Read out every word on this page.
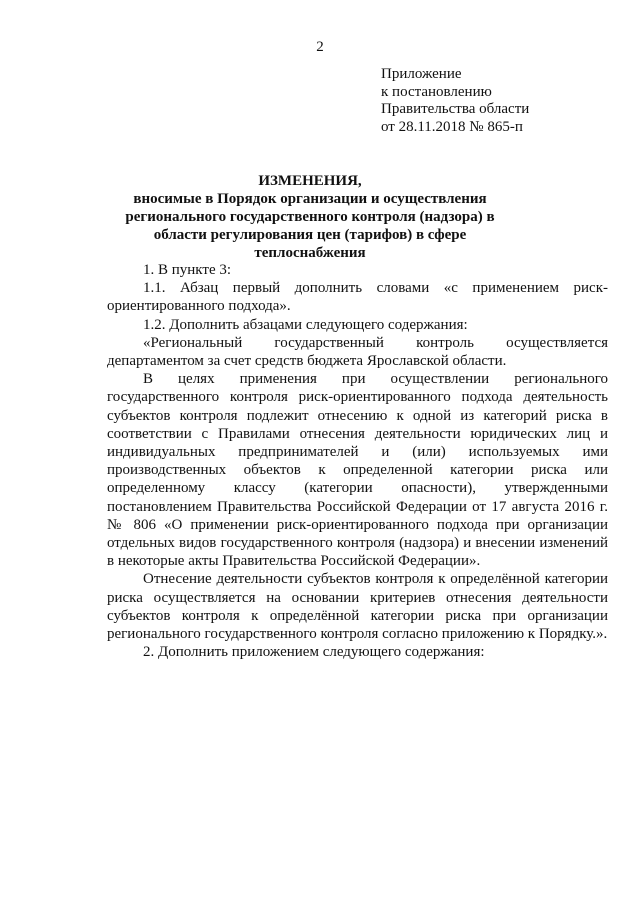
2
Приложение
к постановлению
Правительства области
от 28.11.2018 № 865-п
ИЗМЕНЕНИЯ,
вносимые в Порядок организации и осуществления регионального государственного контроля (надзора) в области регулирования цен (тарифов) в сфере теплоснабжения

1. В пункте 3:

1.1. Абзац первый дополнить словами «с применением риск-ориентированного подхода».

1.2. Дополнить абзацами следующего содержания:

«Региональный государственный контроль осуществляется департаментом за счет средств бюджета Ярославской области.

В целях применения при осуществлении регионального государственного контроля риск-ориентированного подхода деятельность субъектов контроля подлежит отнесению к одной из категорий риска в соответствии с Правилами отнесения деятельности юридических лиц и индивидуальных предпринимателей и (или) используемых ими производственных объектов к определенной категории риска или определенному классу (категории опасности), утвержденными постановлением Правительства Российской Федерации от 17 августа 2016 г. № 806 «О применении риск-ориентированного подхода при организации отдельных видов государственного контроля (надзора) и внесении изменений в некоторые акты Правительства Российской Федерации».

Отнесение деятельности субъектов контроля к определённой категории риска осуществляется на основании критериев отнесения деятельности субъектов контроля к определённой категории риска при организации регионального государственного контроля согласно приложению к Порядку.».

2. Дополнить приложением следующего содержания:
